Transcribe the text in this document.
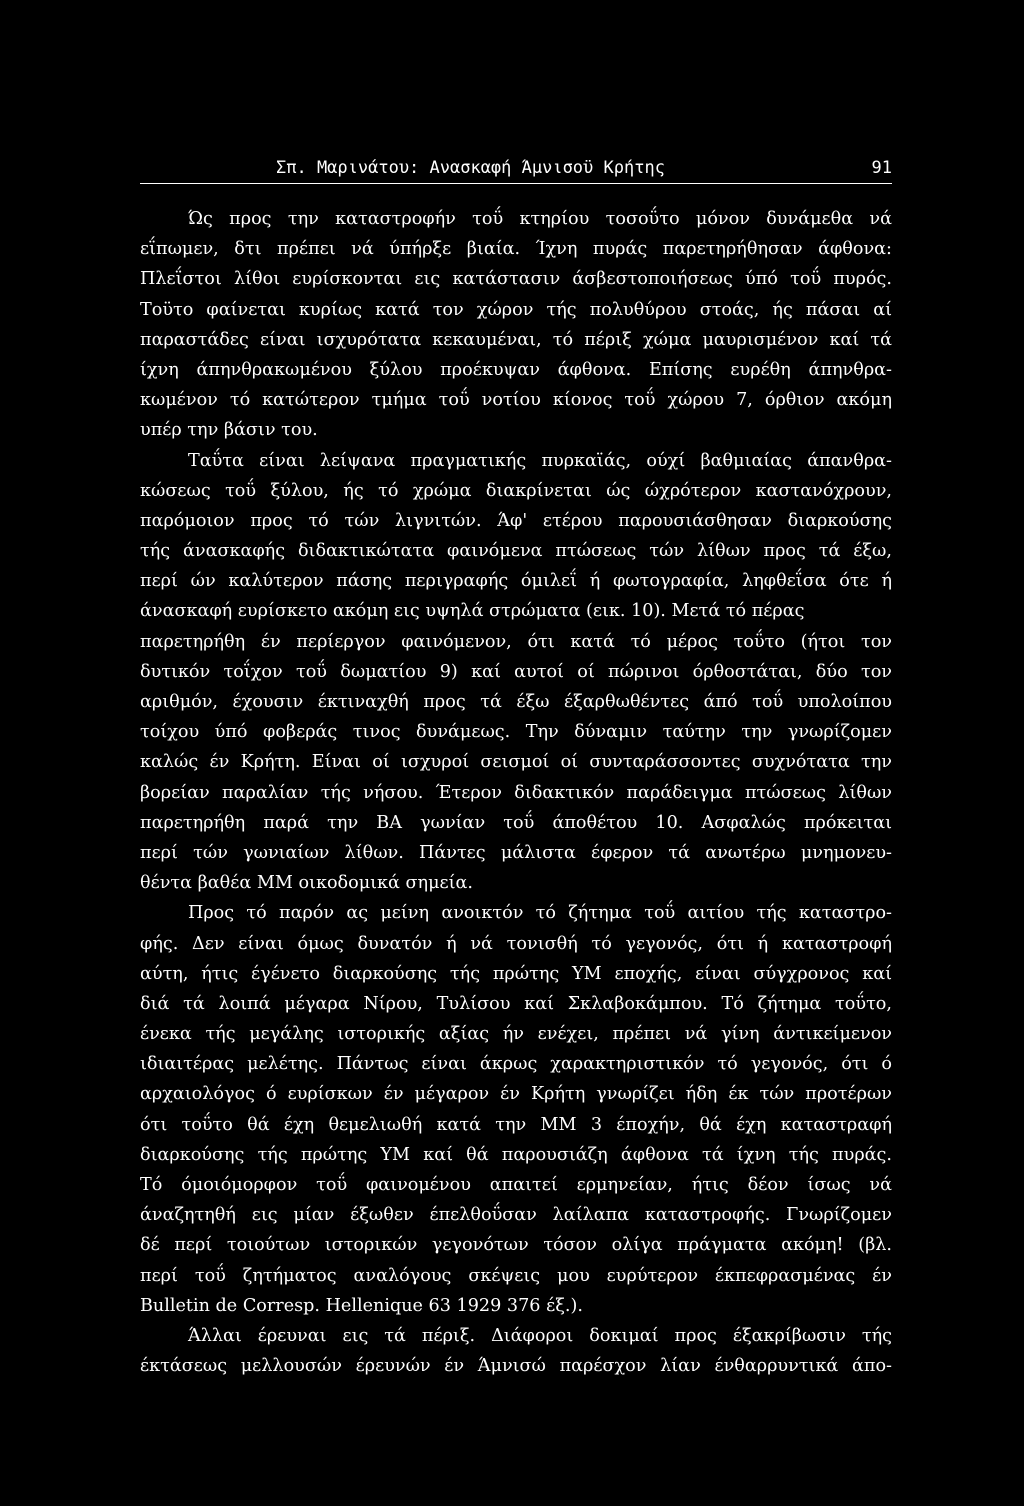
Σπ. Μαρινάτου: Ανασκαφή Άμνισοϋ Κρήτης	91
Ώς προς την καταστροφήν τοΰ κτηρίου τοσοΰτο μόνον δυνάμεθα νά
εΐπωμεν, δτι πρέπει νά ύπήρξε βιαία. Ίχνη πυράς παρετηρήθησαν άφθονα:
Πλεΐστοι λίθοι ευρίσκονται εις κατάστασιν άσβεστοποιήσεως ύπό τοΰ πυρός.
Τοϋτο φαίνεται κυρίως κατά τον χώρον τής πολυθύρου στοάς, ής πάσαι αί
παραστάδες είναι ισχυρότατα κεκαυμέναι, τό πέριξ χώμα μαυρισμένον καί τά
ίχνη άπηνθρακωμένου ξύλου προέκυψαν άφθονα. Επίσης ευρέθη άπηνθρα-
κωμένον τό κατώτερον τμήμα τοΰ νοτίου κίονος τοΰ χώρου 7, όρθιον ακόμη
υπέρ την βάσιν του.
Ταΰτα είναι λείψανα πραγματικής πυρκαϊάς, ούχί βαθμιαίας άπανθρα-
κώσεως τοΰ ξύλου, ής τό χρώμα διακρίνεται ώς ώχρότερον καστανόχρουν,
παρόμοιον προς τό τών λιγνιτών. Άφ' ετέρου παρουσιάσθησαν διαρκούσης
τής άνασκαφής διδακτικώτατα φαινόμενα πτώσεως τών λίθων προς τά έξω,
περί ών καλύτερον πάσης περιγραφής όμιλεΐ ή φωτογραφία, ληφθεΐσα ότε ή
άνασκαφή ευρίσκετο ακόμη εις υψηλά στρώματα (εικ. 10). Μετά τό πέρας
παρετηρήθη έν περίεργον φαινόμενον, ότι κατά τό μέρος τοΰτο (ήτοι τον
δυτικόν τοΐχον τοΰ δωματίου 9) καί αυτοί οί πώρινοι όρθοστάται, δύο τον
αριθμόν, έχουσιν έκτιναχθή προς τά έξω έξαρθωθέντες άπό τοΰ υπολοίπου
τοίχου ύπό φοβεράς τινος δυνάμεως. Την δύναμιν ταύτην την γνωρίζομεν
καλώς έν Κρήτη. Είναι οί ισχυροί σεισμοί οί συνταράσσοντες συχνότατα την
βορείαν παραλίαν τής νήσου. Έτερον διδακτικόν παράδειγμα πτώσεως λίθων
παρετηρήθη παρά την ΒΑ γωνίαν τοΰ άποθέτου 10. Ασφαλώς πρόκειται
περί τών γωνιαίων λίθων. Πάντες μάλιστα έφερον τά ανωτέρω μνημονευ-
θέντα βαθέα ΜΜ οικοδομικά σημεία.
Προς τό παρόν ας μείνη ανοικτόν τό ζήτημα τοΰ αιτίου τής καταστρο-
φής. Δεν είναι όμως δυνατόν ή νά τονισθή τό γεγονός, ότι ή καταστροφή
αύτη, ήτις έγένετο διαρκούσης τής πρώτης ΥΜ εποχής, είναι σύγχρονος καί
διά τά λοιπά μέγαρα Νίρου, Τυλίσου καί Σκλαβοκάμπου. Τό ζήτημα τοΰτο,
ένεκα τής μεγάλης ιστορικής αξίας ήν ενέχει, πρέπει νά γίνη άντικείμενον
ιδιαιτέρας μελέτης. Πάντως είναι άκρως χαρακτηριστικόν τό γεγονός, ότι ό
αρχαιολόγος ό ευρίσκων έν μέγαρον έν Κρήτη γνωρίζει ήδη έκ τών προτέρων
ότι τοΰτο θά έχη θεμελιωθή κατά την ΜΜ 3 έποχήν, θά έχη καταστραφή
διαρκούσης τής πρώτης ΥΜ καί θά παρουσιάζη άφθονα τά ίχνη τής πυράς.
Τό όμοιόμορφον τοΰ φαινομένου απαιτεί ερμηνείαν, ήτις δέον ίσως νά
άναζητηθή εις μίαν έξωθεν έπελθοΰσαν λαίλαπα καταστροφής. Γνωρίζομεν
δέ περί τοιούτων ιστορικών γεγονότων τόσον ολίγα πράγματα ακόμη! (βλ.
περί τοΰ ζητήματος αναλόγους σκέψεις μου ευρύτερον έκπεφρασμένας έν
Bulletin de Corresp. Hellenique 63 1929 376 έξ.).
Άλλαι έρευναι εις τά πέριξ. Διάφοροι δοκιμαί προς έξακρίβωσιν τής
έκτάσεως μελλουσών έρευνών έν Άμνισώ παρέσχον λίαν ένθαρρυντικά άπο-
